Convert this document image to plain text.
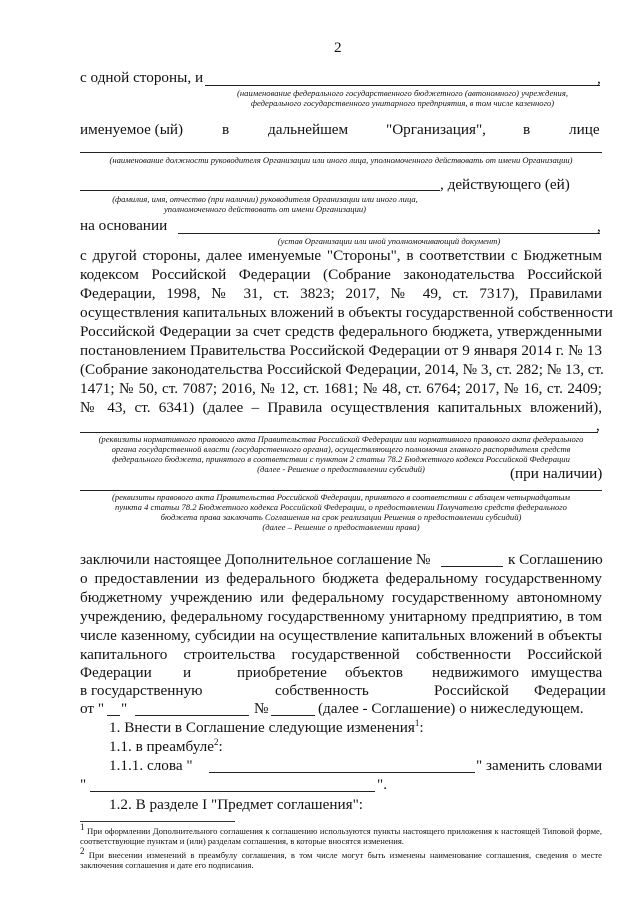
2
с одной стороны, и	,
(наименование федерального государственного бюджетного (автономного) учреждения,
федерального государственного унитарного предприятия, в том числе казенного)
именуемое (ый)	в	дальнейшем "Организация", в	лице
(наименование должности руководителя Организации или иного лица, уполномоченного действовать от имени Организации)
, действующего (ей)
(фамилия, имя, отчество (при наличии) руководителя Организации или иного лица,
уполномоченного действовать от имени Организации)
на основании	,
(устав Организации или иной уполномочивающий документ)
с другой стороны, далее именуемые "Стороны", в соответствии с Бюджетным
кодексом Российской Федерации (Собрание законодательства Российской
Федерации, 1998, № 31, ст. 3823; 2017, № 49, ст. 7317), Правилами
осуществления капитальных вложений в объекты государственной собственности
Российской Федерации за счет средств федерального бюджета, утвержденными
постановлением Правительства Российской Федерации от 9 января 2014 г. № 13
(Собрание законодательства Российской Федерации, 2014, № 3, ст. 282; № 13, ст.
1471; № 50, ст. 7087; 2016, № 12, ст. 1681; № 48, ст. 6764; 2017, № 16, ст. 2409;
№ 43, ст. 6341) (далее – Правила осуществления капитальных вложений),
,
(реквизиты нормативного правового акта Правительства Российской Федерации или нормативного правового акта федерального
органа государственной власти (государственного органа), осуществляющего полномочия главного распорядителя средств
федерального бюджета, принятого в соответствии с пунктом 2 статьи 78.2 Бюджетного кодекса Российской Федерации
(далее - Решение о предоставлении субсидий)	(при наличии)
(реквизиты правового акта Правительства Российской Федерации, принятого в соответствии с абзацем четырнадцатым
пункта 4 статьи 78.2 Бюджетного кодекса Российской Федерации, о предоставлении Получателю средств федерального
бюджета права заключать Соглашения на срок реализации Решения о предоставлении субсидий)
(далее – Решение о предоставлении права)
заключили настоящее Дополнительное соглашение №	к Соглашению
о предоставлении из федерального бюджета федеральному государственному
бюджетному учреждению или федеральному государственному автономному
учреждению, федеральному государственному унитарному предприятию, в том
числе казенному, субсидии на осуществление капитальных вложений в объекты
капитального строительства государственной собственности Российской
Федерации и	приобретение объектов недвижимого имущества
в государственную	собственность	Российской Федерации
от " "	№	(далее - Соглашение) о нижеследующем.
1. Внести в Соглашение следующие изменения$^1$:
1.1. в преамбуле$^2$:
1.1.1. слова "	" заменить словами
"	".
1.2. В разделе I "Предмет соглашения":
$^1$ При оформлении Дополнительного соглашения к соглашению используются пункты настоящего приложения к настоящей Типовой форме, соответствующие пунктам и (или) разделам соглашения, в которые вносятся изменения.
$^2$ При внесении изменений в преамбулу соглашения, в том числе могут быть изменены наименование соглашения, сведения о месте заключения соглашения и дате его подписания.
